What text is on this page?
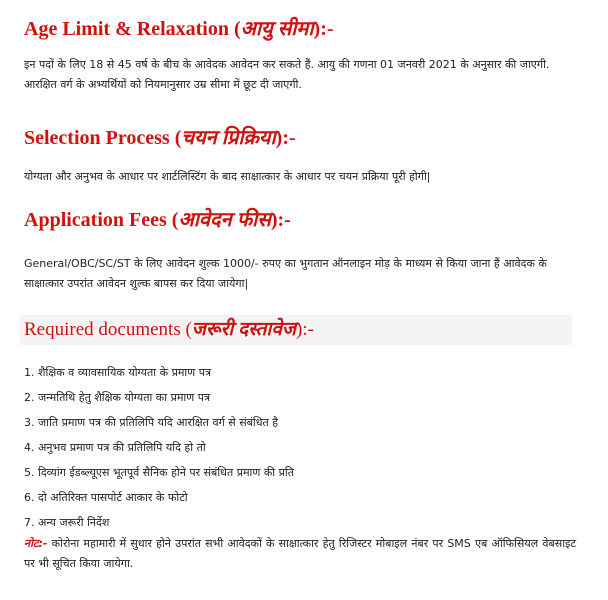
Age Limit & Relaxation (आयु सीमा):-

इन पदों के लिए 18 से 45 वर्ष के बीच के आवेदक आवेदन कर सकते हैं. आयु की गणना 01 जनवरी 2021 के अनुसार की जाएगी. आरक्षित वर्ग के अभ्यर्थियों को नियमानुसार उम्र सीमा में छूट दी जाएगी.

Selection Process (चयन प्रिक्रिया):-

योग्यता और अनुभव के आधार पर शार्टलिस्टिंग के बाद साक्षात्कार के आधार पर चयन प्रक्रिया पूरी होगी|

Application Fees (आवेदन फीस):-

General/OBC/SC/ST के लिए आवेदन शुल्क 1000/- रुपए का भुगतान ऑनलाइन मोड़ के माध्यम से किया जाना हैं आवेदक के साक्षात्कार उपरांत आवेदन शुल्क बापस कर दिया जायेगा|

Required documents (जरूरी दस्तावेज):-
1. शैक्षिक व व्यावसायिक योग्यता के प्रमाण पत्र
2. जन्मतिथि हेतु शैक्षिक योग्यता का प्रमाण पत्र
3. जाति प्रमाण पत्र की प्रतिलिपि यदि आरक्षित वर्ग से संबंधित है
4. अनुभव प्रमाण पत्र की प्रतिलिपि यदि हो तो
5. दिव्यांग ईडब्ल्यूएस भूतपूर्व सैनिक होने पर संबंधित प्रमाण की प्रति
6. दो अतिरिक्त पासपोर्ट आकार के फोटो
7. अन्य जरूरी निर्देश

नोट:- कोरोना महामारी में सुधार होने उपरांत सभी आवेदकों के साक्षात्कार हेतु रिजिस्टर मोबाइल नंबर पर SMS एब ऑफिसियल वेबसाइट पर भी सूचित किया जायेगा.
